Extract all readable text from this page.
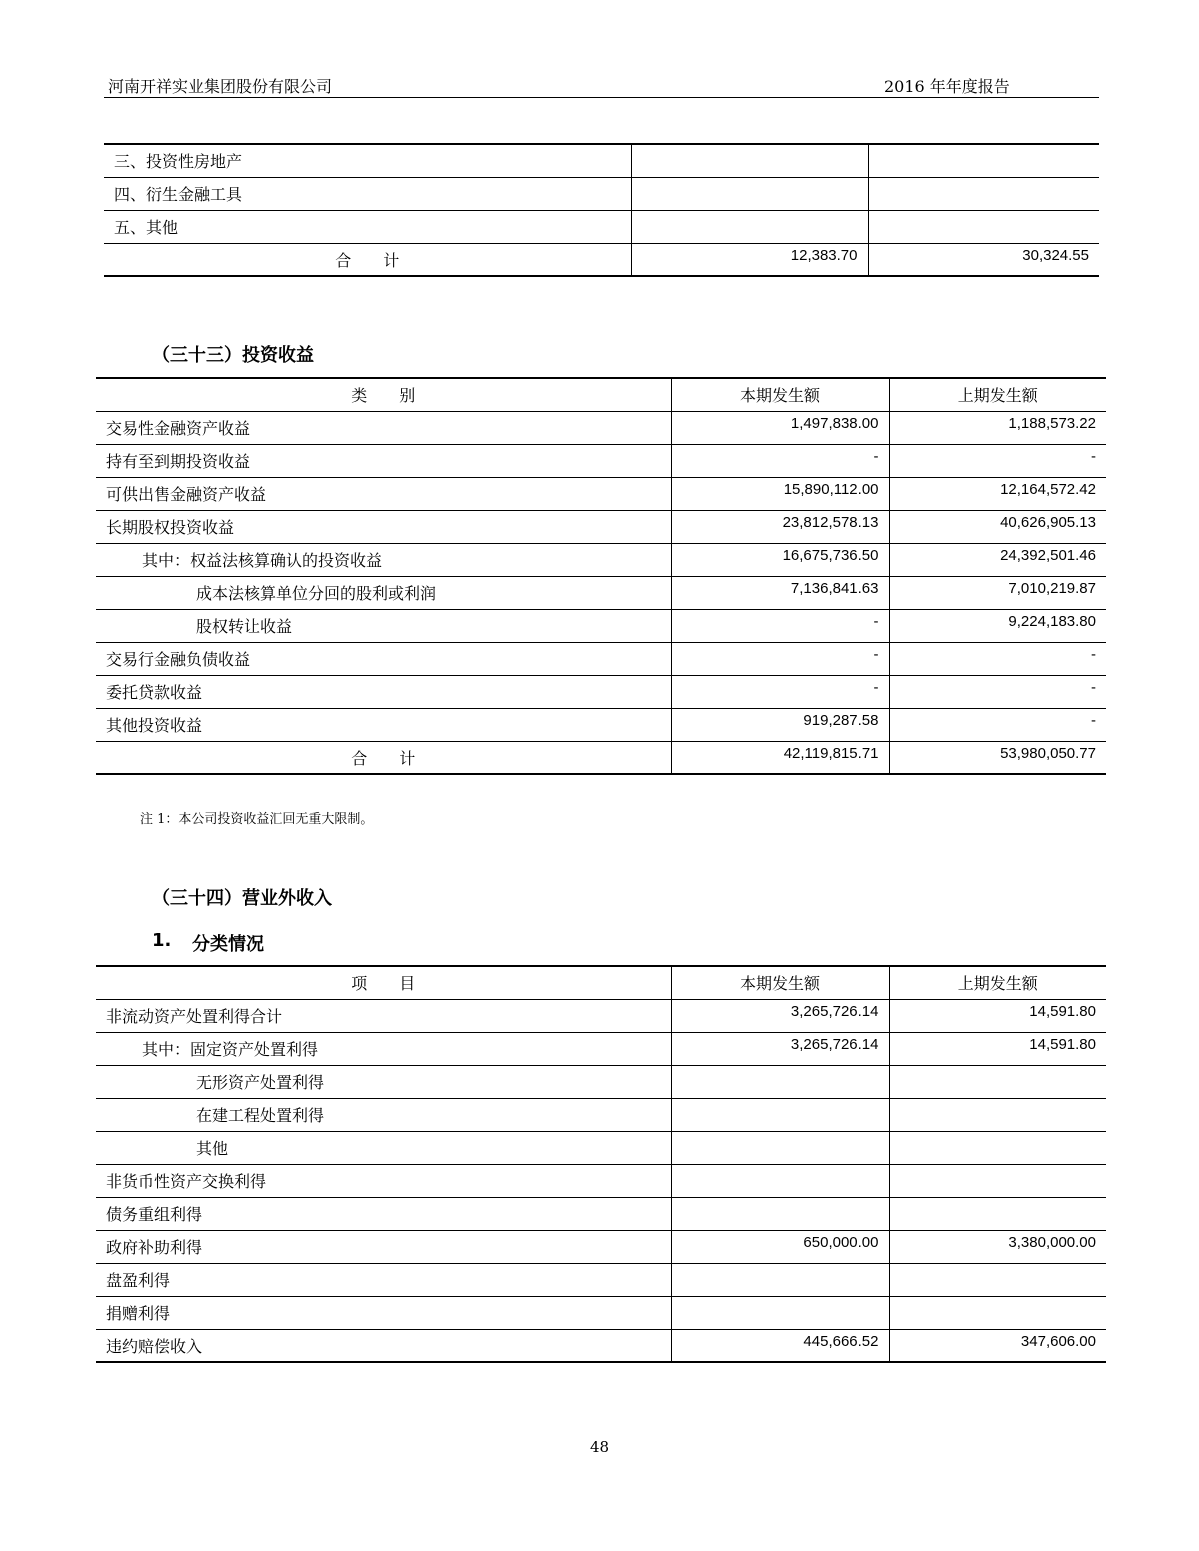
河南开祥实业集团股份有限公司	2016 年年度报告
三、投资性房地产		
四、衍生金融工具		
五、其他		
合　　计	12,383.70	30,324.55
（三十三）投资收益
类　　别	本期发生额	上期发生额
交易性金融资产收益	1,497,838.00	1,188,573.22
持有至到期投资收益	-	-
可供出售金融资产收益	15,890,112.00	12,164,572.42
长期股权投资收益	23,812,578.13	40,626,905.13
其中：权益法核算确认的投资收益	16,675,736.50	24,392,501.46
成本法核算单位分回的股利或利润	7,136,841.63	7,010,219.87
股权转让收益	-	9,224,183.80
交易行金融负债收益	-	-
委托贷款收益	-	-
其他投资收益	919,287.58	-
合　　计	42,119,815.71	53,980,050.77
注 1：本公司投资收益汇回无重大限制。
（三十四）营业外收入
1. 分类情况
项　　目	本期发生额	上期发生额
非流动资产处置利得合计	3,265,726.14	14,591.80
其中：固定资产处置利得	3,265,726.14	14,591.80
无形资产处置利得		
在建工程处置利得		
其他		
非货币性资产交换利得		
债务重组利得		
政府补助利得	650,000.00	3,380,000.00
盘盈利得		
捐赠利得		
违约赔偿收入	445,666.52	347,606.00
48
